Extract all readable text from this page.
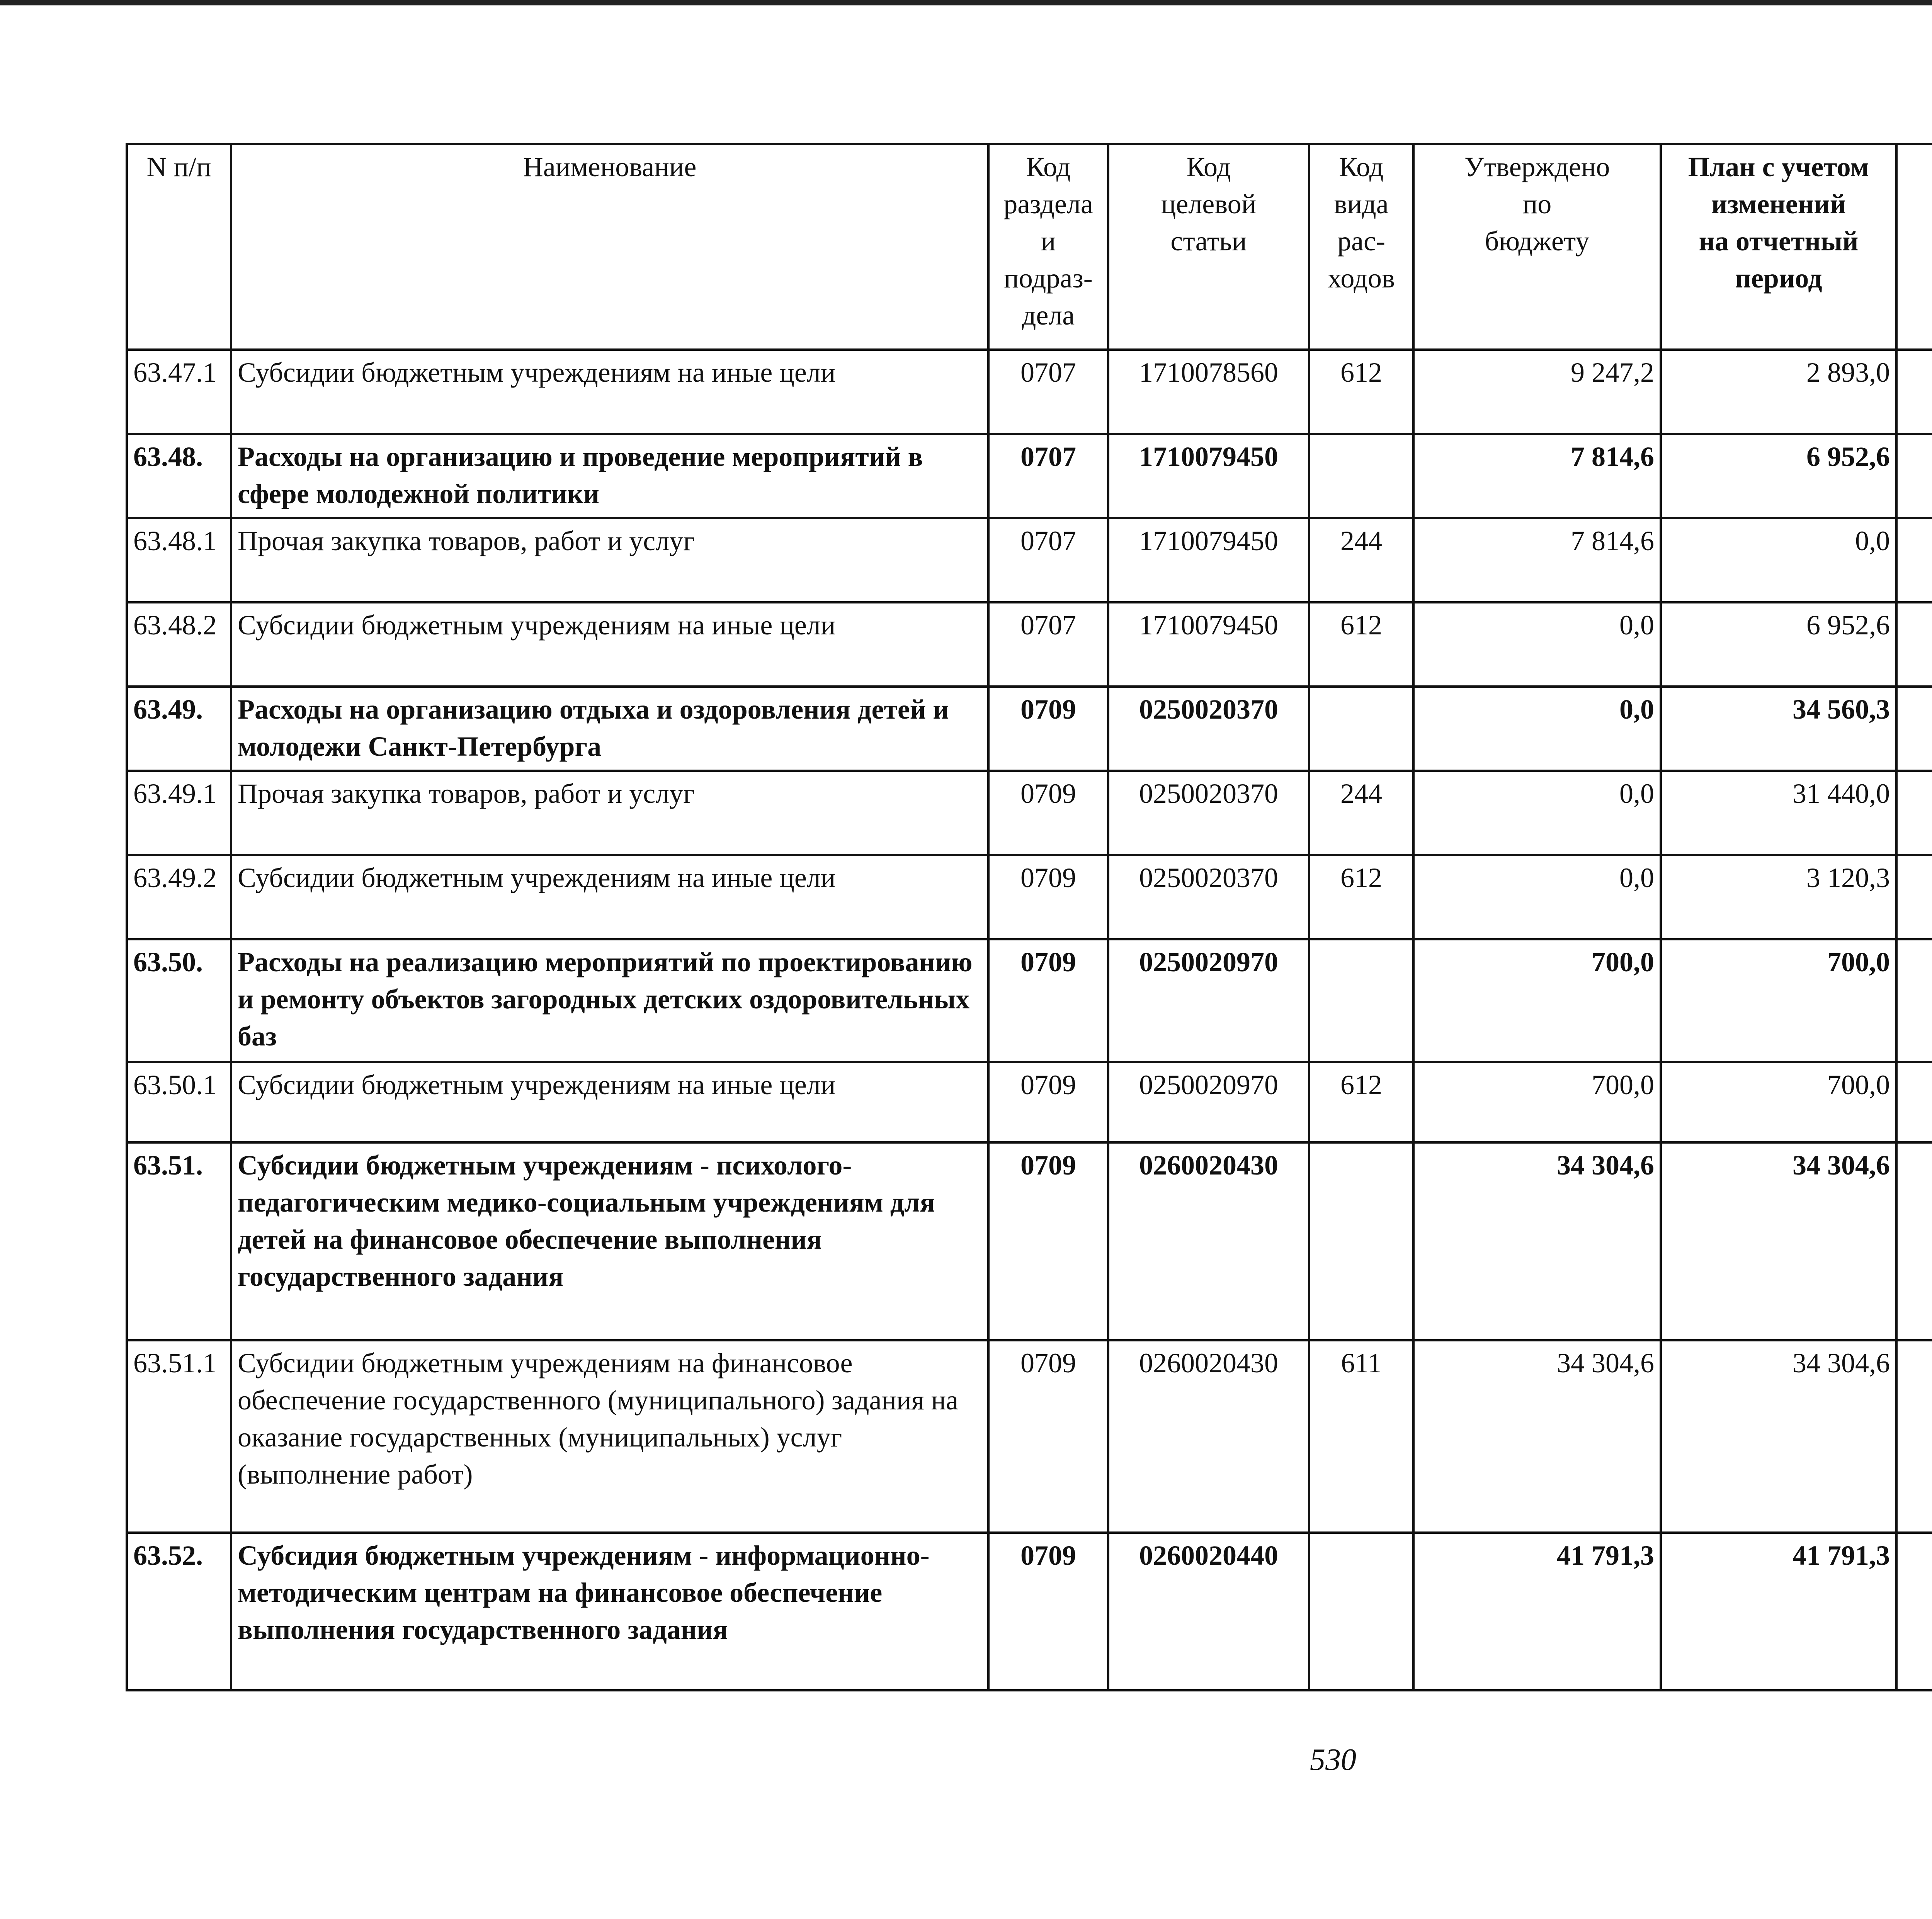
N п/п	Наименование	Код
раздела
и
подраз-
дела	Код
целевой
статьи	Код
вида
рас-
ходов	Утверждено
по
бюджету	План с учетом
изменений
на отчетный
период		

63.47.1	Субсидии бюджетным учреждениям на иные цели	0707	1710078560	612	9 247,2	2 893,0			
63.48.	Расходы на организацию и проведение мероприятий в сфере молодежной политики	0707	1710079450		7 814,6	6 952,6			
63.48.1	Прочая закупка товаров, работ и услуг	0707	1710079450	244	7 814,6	0,0			
63.48.2	Субсидии бюджетным учреждениям на иные цели	0707	1710079450	612	0,0	6 952,6			
63.49.	Расходы на организацию отдыха и оздоровления детей и молодежи Санкт-Петербурга	0709	0250020370		0,0	34 560,3			
63.49.1	Прочая закупка товаров, работ и услуг	0709	0250020370	244	0,0	31 440,0			
63.49.2	Субсидии бюджетным учреждениям на иные цели	0709	0250020370	612	0,0	3 120,3			
63.50.	Расходы на реализацию мероприятий по проектированию и ремонту объектов загородных детских оздоровительных баз	0709	0250020970		700,0	700,0			
63.50.1	Субсидии бюджетным учреждениям на иные цели	0709	0250020970	612	700,0	700,0			
63.51.	Субсидии бюджетным учреждениям - психолого-педагогическим медико-социальным учреждениям для детей на финансовое обеспечение выполнения государственного задания	0709	0260020430		34 304,6	34 304,6			
63.51.1	Субсидии бюджетным учреждениям на финансовое обеспечение государственного (муниципального) задания на оказание государственных (муниципальных) услуг (выполнение работ)	0709	0260020430	611	34 304,6	34 304,6			
63.52.	Субсидия бюджетным учреждениям - информационно-методическим центрам на финансовое обеспечение выполнения государственного задания	0709	0260020440		41 791,3	41 791,3			
530
